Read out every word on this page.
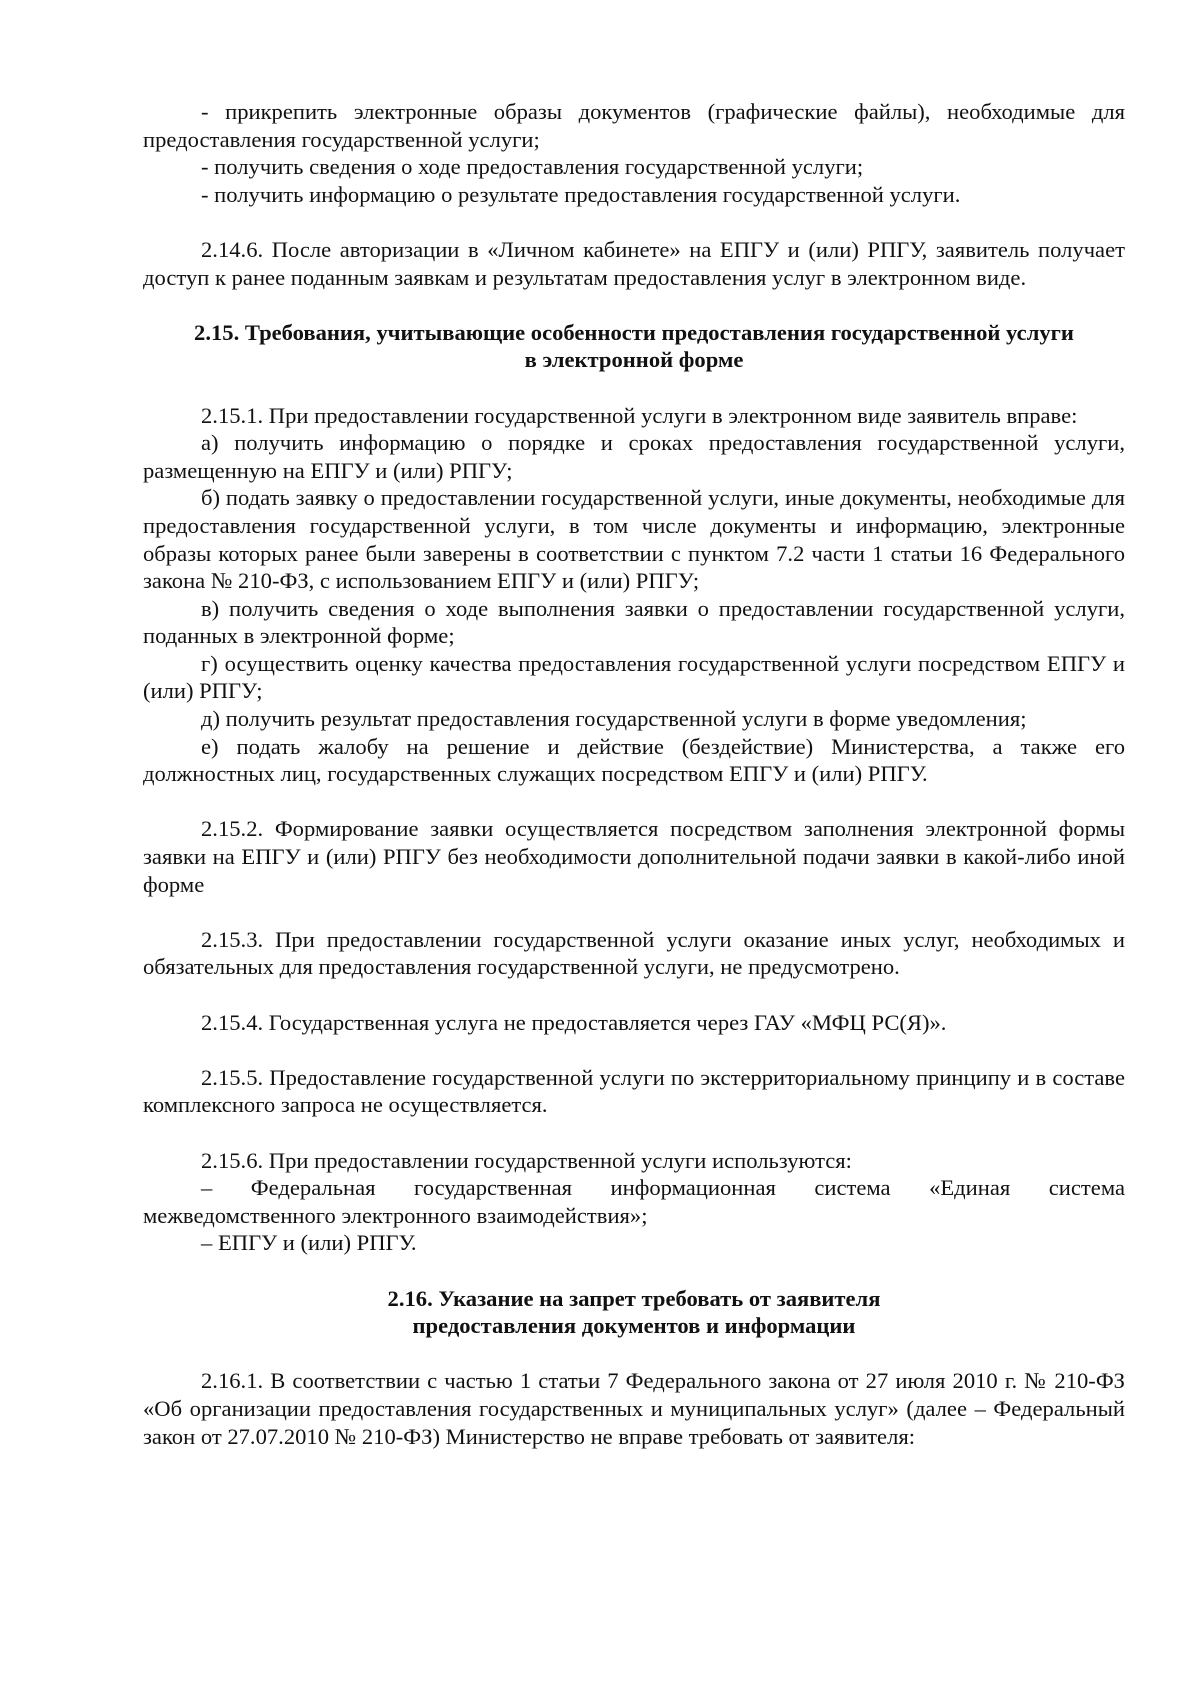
- прикрепить электронные образы документов (графические файлы), необходимые для предоставления государственной услуги;

- получить сведения о ходе предоставления государственной услуги;

- получить информацию о результате предоставления государственной услуги.

2.14.6. После авторизации в «Личном кабинете» на ЕПГУ и (или) РПГУ, заявитель получает доступ к ранее поданным заявкам и результатам предоставления услуг в электронном виде.

2.15. Требования, учитывающие особенности предоставления государственной услуги
в электронной форме

2.15.1. При предоставлении государственной услуги в электронном виде заявитель вправе:

а) получить информацию о порядке и сроках предоставления государственной услуги, размещенную на ЕПГУ и (или) РПГУ;

б) подать заявку о предоставлении государственной услуги, иные документы, необходимые для предоставления государственной услуги, в том числе документы и информацию, электронные образы которых ранее были заверены в соответствии с пунктом 7.2 части 1 статьи 16 Федерального закона № 210-ФЗ, с использованием ЕПГУ и (или) РПГУ;

в) получить сведения о ходе выполнения заявки о предоставлении государственной услуги, поданных в электронной форме;

г) осуществить оценку качества предоставления государственной услуги посредством ЕПГУ и (или) РПГУ;

д) получить результат предоставления государственной услуги в форме уведомления;

е) подать жалобу на решение и действие (бездействие) Министерства, а также его должностных лиц, государственных служащих посредством ЕПГУ и (или) РПГУ.

2.15.2. Формирование заявки осуществляется посредством заполнения электронной формы заявки на ЕПГУ и (или) РПГУ без необходимости дополнительной подачи заявки в какой-либо иной форме

2.15.3. При предоставлении государственной услуги оказание иных услуг, необходимых и обязательных для предоставления государственной услуги, не предусмотрено.

2.15.4. Государственная услуга не предоставляется через ГАУ «МФЦ РС(Я)».

2.15.5. Предоставление государственной услуги по экстерриториальному принципу и в составе комплексного запроса не осуществляется.

2.15.6. При предоставлении государственной услуги используются:

– Федеральная государственная информационная система «Единая система межведомственного электронного взаимодействия»;

– ЕПГУ и (или) РПГУ.

2.16. Указание на запрет требовать от заявителя
предоставления документов и информации

2.16.1. В соответствии с частью 1 статьи 7 Федерального закона от 27 июля 2010 г. № 210-ФЗ «Об организации предоставления государственных и муниципальных услуг» (далее – Федеральный закон от 27.07.2010 № 210-ФЗ) Министерство не вправе требовать от заявителя:
